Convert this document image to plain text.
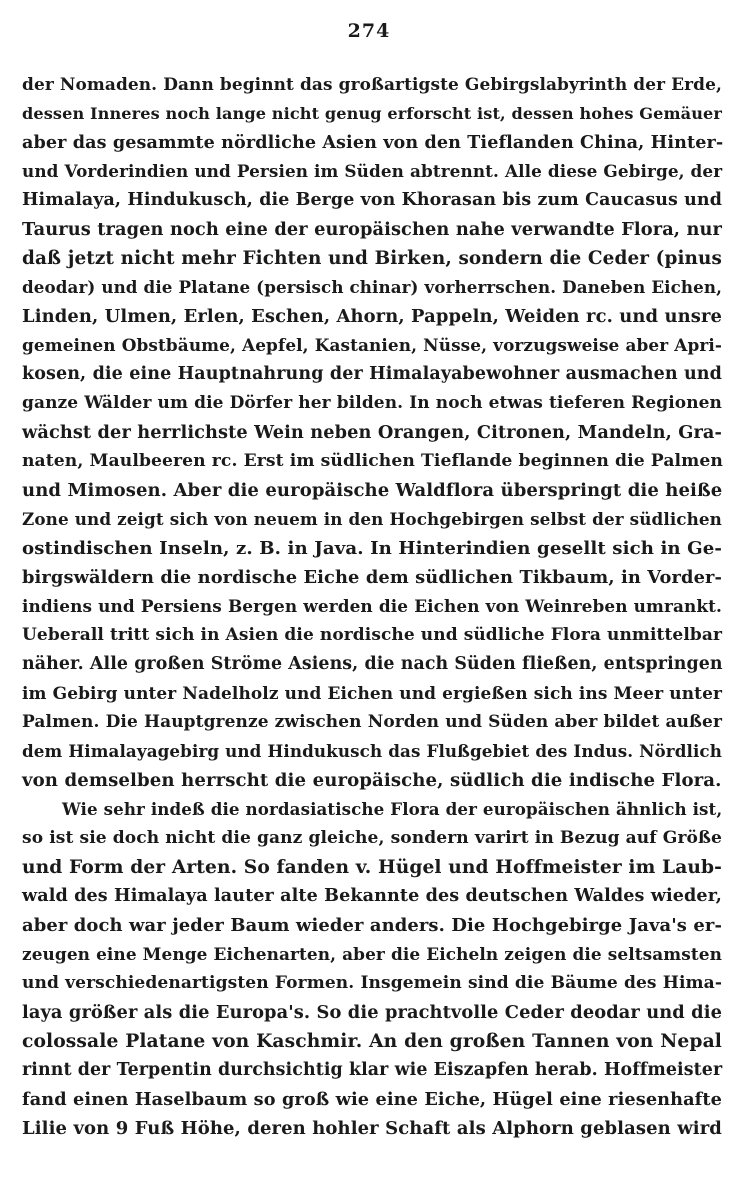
274
der Nomaden. Dann beginnt das großartigste Gebirgslabyrinth der Erde,
dessen Inneres noch lange nicht genug erforscht ist, dessen hohes Gemäuer
aber das gesammte nördliche Asien von den Tieflanden China, Hinter-
und Vorderindien und Persien im Süden abtrennt. Alle diese Gebirge, der
Himalaya, Hindukusch, die Berge von Khorasan bis zum Caucasus und
Taurus tragen noch eine der europäischen nahe verwandte Flora, nur
daß jetzt nicht mehr Fichten und Birken, sondern die Ceder (pinus
deodar) und die Platane (persisch chinar) vorherrschen. Daneben Eichen,
Linden, Ulmen, Erlen, Eschen, Ahorn, Pappeln, Weiden rc. und unsre
gemeinen Obstbäume, Aepfel, Kastanien, Nüsse, vorzugsweise aber Apri-
kosen, die eine Hauptnahrung der Himalayabewohner ausmachen und
ganze Wälder um die Dörfer her bilden. In noch etwas tieferen Regionen
wächst der herrlichste Wein neben Orangen, Citronen, Mandeln, Gra-
naten, Maulbeeren rc. Erst im südlichen Tieflande beginnen die Palmen
und Mimosen. Aber die europäische Waldflora überspringt die heiße
Zone und zeigt sich von neuem in den Hochgebirgen selbst der südlichen
ostindischen Inseln, z. B. in Java. In Hinterindien gesellt sich in Ge-
birgswäldern die nordische Eiche dem südlichen Tikbaum, in Vorder-
indiens und Persiens Bergen werden die Eichen von Weinreben umrankt.
Ueberall tritt sich in Asien die nordische und südliche Flora unmittelbar
näher. Alle großen Ströme Asiens, die nach Süden fließen, entspringen
im Gebirg unter Nadelholz und Eichen und ergießen sich ins Meer unter
Palmen. Die Hauptgrenze zwischen Norden und Süden aber bildet außer
dem Himalayagebirg und Hindukusch das Flußgebiet des Indus. Nördlich
von demselben herrscht die europäische, südlich die indische Flora.
Wie sehr indeß die nordasiatische Flora der europäischen ähnlich ist,
so ist sie doch nicht die ganz gleiche, sondern varirt in Bezug auf Größe
und Form der Arten. So fanden v. Hügel und Hoffmeister im Laub-
wald des Himalaya lauter alte Bekannte des deutschen Waldes wieder,
aber doch war jeder Baum wieder anders. Die Hochgebirge Java's er-
zeugen eine Menge Eichenarten, aber die Eicheln zeigen die seltsamsten
und verschiedenartigsten Formen. Insgemein sind die Bäume des Hima-
laya größer als die Europa's. So die prachtvolle Ceder deodar und die
colossale Platane von Kaschmir. An den großen Tannen von Nepal
rinnt der Terpentin durchsichtig klar wie Eiszapfen herab. Hoffmeister
fand einen Haselbaum so groß wie eine Eiche, Hügel eine riesenhafte
Lilie von 9 Fuß Höhe, deren hohler Schaft als Alphorn geblasen wird
